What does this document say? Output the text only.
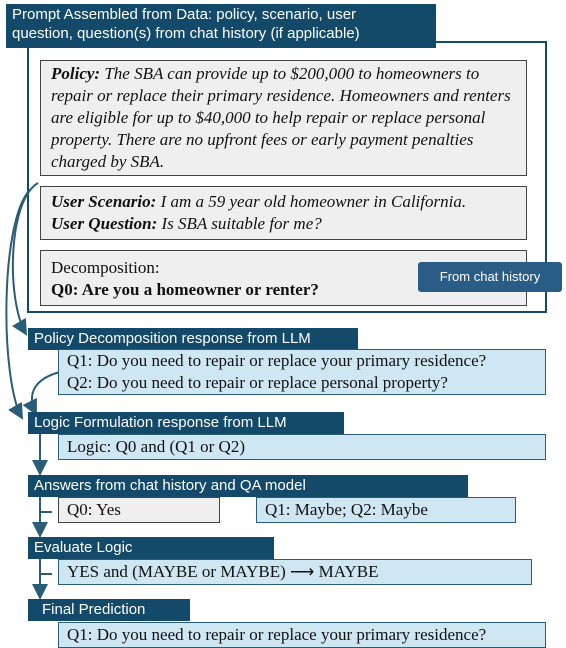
Prompt Assembled from Data: policy, scenario, user
question, question(s) from chat history (if applicable)
Policy: The SBA can provide up to $200,000 to homeowners to repair or replace their primary residence. Homeowners and renters are eligible for up to $40,000 to help repair or replace personal property. There are no upfront fees or early payment penalties charged by SBA.
User Scenario: I am a 59 year old homeowner in California.
User Question: Is SBA suitable for me?
Decomposition:
Q0: Are you a homeowner or renter?
From chat history
Policy Decomposition response from LLM
Q1: Do you need to repair or replace your primary residence?
Q2: Do you need to repair or replace personal property?
Logic Formulation response from LLM
Logic: Q0 and (Q1 or Q2)
Answers from chat history and QA model
Q0: Yes	Q1: Maybe; Q2: Maybe
Evaluate Logic
YES and (MAYBE or MAYBE) ⟶ MAYBE
Final Prediction
Q1: Do you need to repair or replace your primary residence?
